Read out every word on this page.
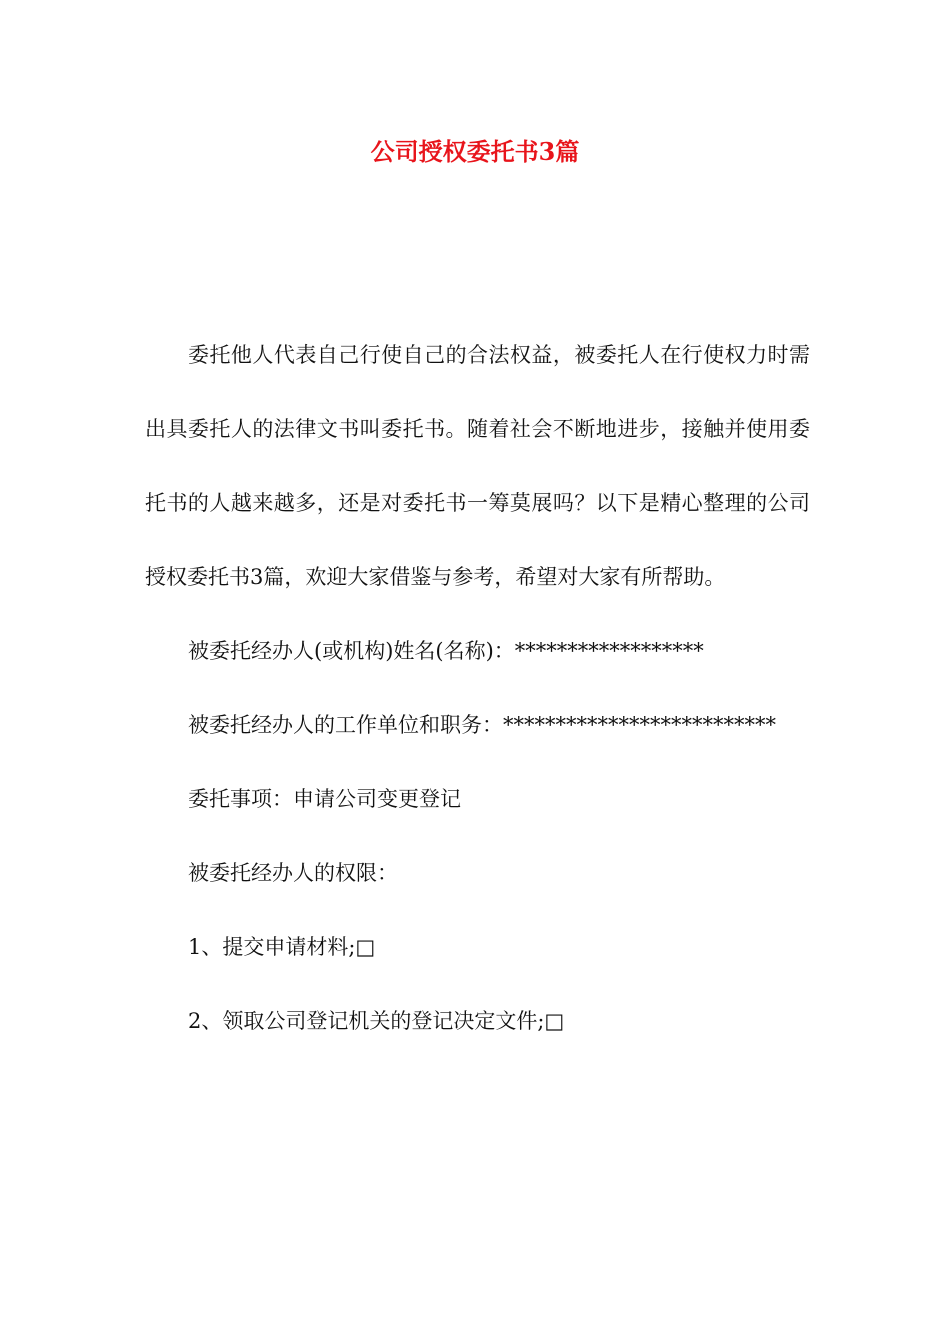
公司授权委托书3篇

委托他人代表自己行使自己的合法权益，被委托人在行使权力时需出具委托人的法律文书叫委托书。随着社会不断地进步，接触并使用委托书的人越来越多，还是对委托书一筹莫展吗？以下是精心整理的公司授权委托书3篇，欢迎大家借鉴与参考，希望对大家有所帮助。

被委托经办人(或机构)姓名(名称)：******************

被委托经办人的工作单位和职务：**************************

委托事项：申请公司变更登记

被委托经办人的权限：

1、提交申请材料;□

2、领取公司登记机关的登记决定文件;□
